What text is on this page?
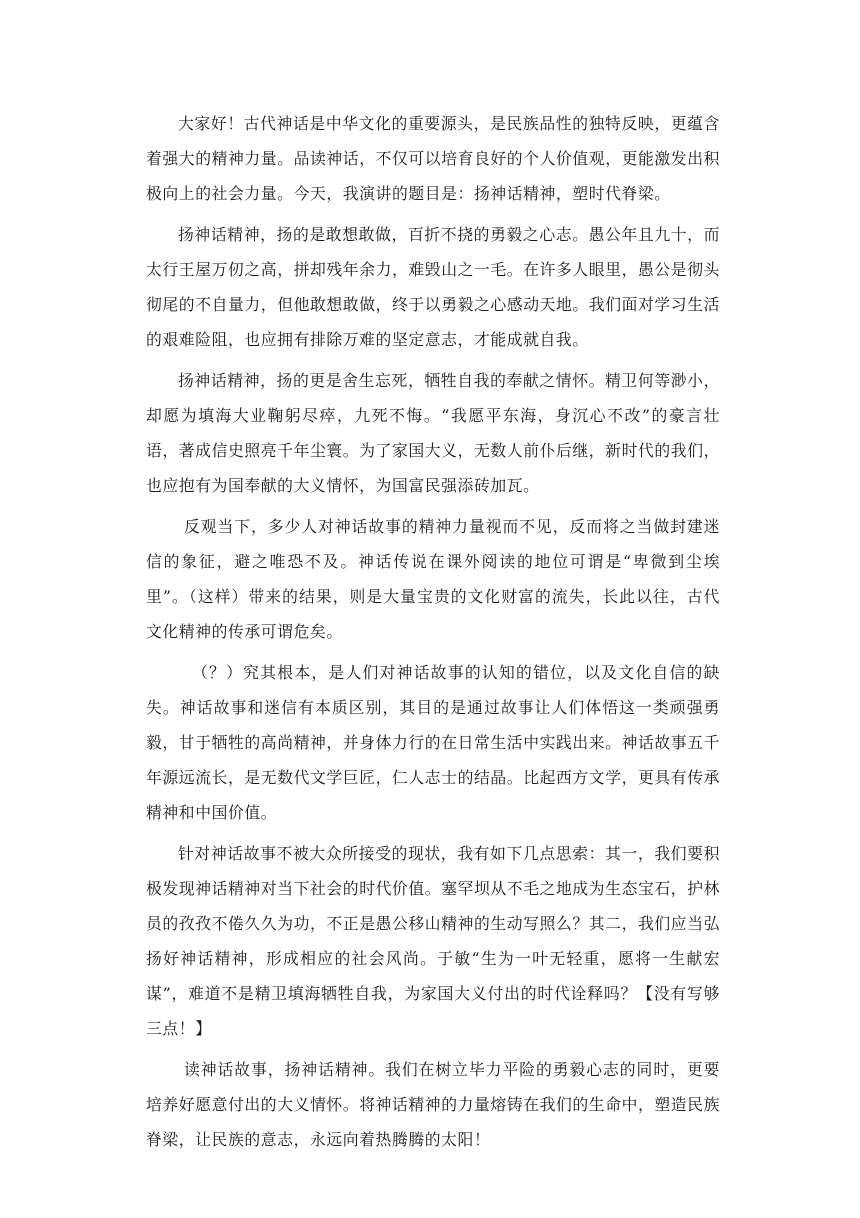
大家好！古代神话是中华文化的重要源头，是民族品性的独特反映，更蕴含着强大的精神力量。品读神话，不仅可以培育良好的个人价值观，更能激发出积极向上的社会力量。今天，我演讲的题目是：扬神话精神，塑时代脊梁。

扬神话精神，扬的是敢想敢做，百折不挠的勇毅之心志。愚公年且九十，而太行王屋万仞之高，拼却残年余力，难毁山之一毛。在许多人眼里，愚公是彻头彻尾的不自量力，但他敢想敢做，终于以勇毅之心感动天地。我们面对学习生活的艰难险阻，也应拥有排除万难的坚定意志，才能成就自我。

扬神话精神，扬的更是舍生忘死，牺牲自我的奉献之情怀。精卫何等渺小，却愿为填海大业鞠躬尽瘁，九死不悔。“我愿平东海，身沉心不改”的豪言壮语，著成信史照亮千年尘寰。为了家国大义，无数人前仆后继，新时代的我们，也应抱有为国奉献的大义情怀，为国富民强添砖加瓦。

反观当下，多少人对神话故事的精神力量视而不见，反而将之当做封建迷信的象征，避之唯恐不及。神话传说在课外阅读的地位可谓是“卑微到尘埃里”。（这样）带来的结果，则是大量宝贵的文化财富的流失，长此以往，古代文化精神的传承可谓危矣。

（？）究其根本，是人们对神话故事的认知的错位，以及文化自信的缺失。神话故事和迷信有本质区别，其目的是通过故事让人们体悟这一类顽强勇毅，甘于牺牲的高尚精神，并身体力行的在日常生活中实践出来。神话故事五千年源远流长，是无数代文学巨匠，仁人志士的结晶。比起西方文学，更具有传承精神和中国价值。

针对神话故事不被大众所接受的现状，我有如下几点思索：其一，我们要积极发现神话精神对当下社会的时代价值。塞罕坝从不毛之地成为生态宝石，护林员的孜孜不倦久久为功，不正是愚公移山精神的生动写照么？其二，我们应当弘扬好神话精神，形成相应的社会风尚。于敏“生为一叶无轻重，愿将一生献宏谋”，难道不是精卫填海牺牲自我，为家国大义付出的时代诠释吗？【没有写够三点！】

读神话故事，扬神话精神。我们在树立毕力平险的勇毅心志的同时，更要培养好愿意付出的大义情怀。将神话精神的力量熔铸在我们的生命中，塑造民族脊梁，让民族的意志，永远向着热腾腾的太阳！
